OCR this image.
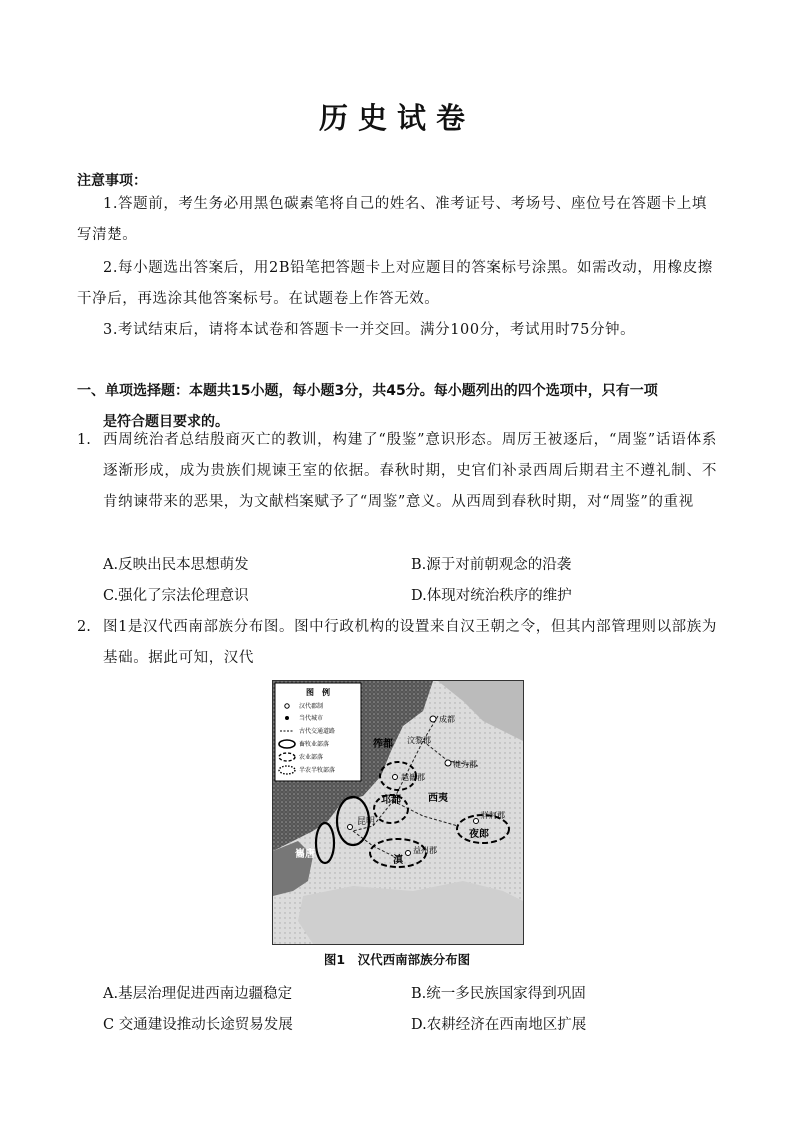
历史试卷
注意事项：
1.答题前，考生务必用黑色碳素笔将自己的姓名、准考证号、考场号、座位号在答题卡上填
写清楚。
2.每小题选出答案后，用2B铅笔把答题卡上对应题目的答案标号涂黑。如需改动，用橡皮擦
干净后，再选涂其他答案标号。在试题卷上作答无效。
3.考试结束后，请将本试卷和答题卡一并交回。满分100分，考试用时75分钟。
一、单项选择题：本题共15小题，每小题3分，共45分。每小题列出的四个选项中，只有一项
是符合题目要求的。
1. 西周统治者总结殷商灭亡的教训，构建了“殷鉴”意识形态。周厉王被逐后，“周鉴”话语体系逐渐形成，成为贵族们规谏王室的依据。春秋时期，史官们补录西周后期君主不遵礼制、不肯纳谏带来的恶果，为文献档案赋予了“周鉴”意义。从西周到春秋时期，对“周鉴”的重视
A.反映出民本思想萌发	B.源于对前朝观念的沿袭
C.强化了宗法伦理意识	D.体现对统治秩序的维护
2. 图1是汉代西南部族分布图。图中行政机构的设置来自汉王朝之令，但其内部管理则以部族为基础。据此可知，汉代
图　例
汉代郡制
当代城市
古代交通道路
畜牧业部落
农业部落
半农半牧部落
成都
筰都 汶黎郡
犍为郡
越巂郡
邛都	西夷
昆明
牂牁郡
夜郎
益州郡
滇
巂唐
图1　汉代西南部族分布图
A.基层治理促进西南边疆稳定	B.统一多民族国家得到巩固
C 交通建设推动长途贸易发展	D.农耕经济在西南地区扩展
